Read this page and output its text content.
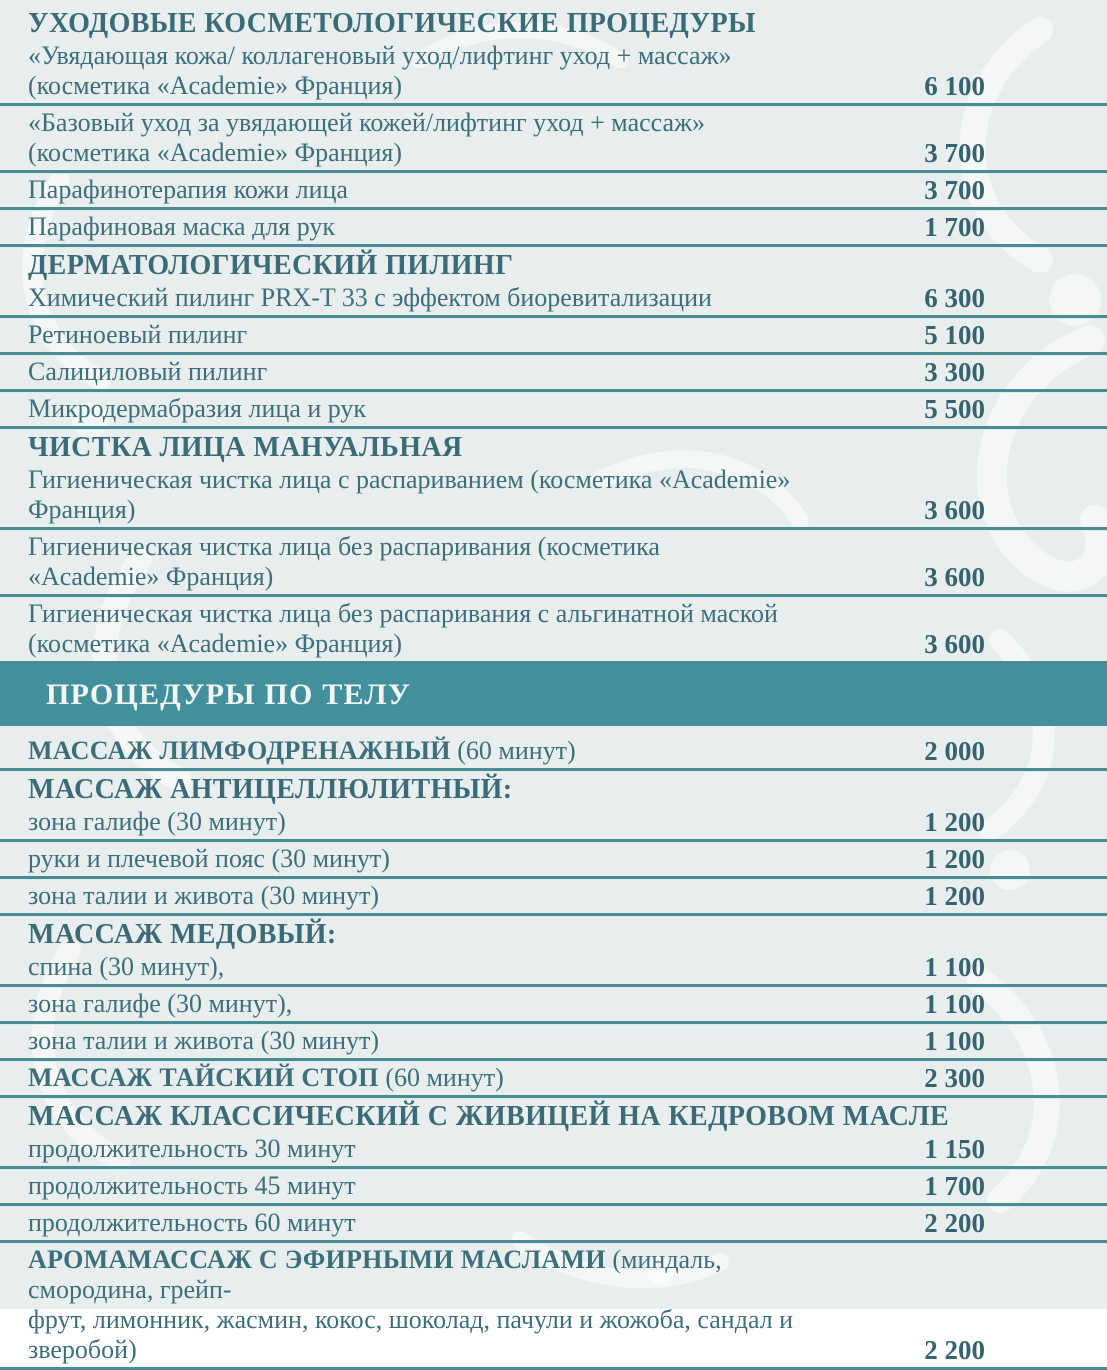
УХОДОВЫЕ КОСМЕТОЛОГИЧЕСКИЕ ПРОЦЕДУРЫ
«Увядающая кожа/ коллагеновый уход/лифтинг уход + массаж»
(косметика «Academie» Франция)	6 100
«Базовый уход за увядающей кожей/лифтинг уход + массаж»
(косметика «Academie» Франция)	3 700
Парафинотерапия кожи лица	3 700
Парафиновая маска для рук	1 700
ДЕРМАТОЛОГИЧЕСКИЙ ПИЛИНГ
Химический пилинг PRX-T 33 с эффектом биоревитализации	6 300
Ретиноевый пилинг	5 100
Салициловый пилинг	3 300
Микродермабразия лица и рук	5 500
ЧИСТКА ЛИЦА МАНУАЛЬНАЯ
Гигиеническая чистка лица с распариванием (косметика «Academie»
Франция)	3 600
Гигиеническая чистка лица без распаривания (косметика
«Academie» Франция)	3 600
Гигиеническая чистка лица без распаривания с альгинатной маской
(косметика «Academie» Франция)	3 600
ПРОЦЕДУРЫ ПО ТЕЛУ
МАССАЖ ЛИМФОДРЕНАЖНЫЙ (60 минут)	2 000
МАССАЖ АНТИЦЕЛЛЮЛИТНЫЙ:
зона галифе (30 минут)	1 200
руки и плечевой пояс (30 минут)	1 200
зона талии и живота (30 минут)	1 200
МАССАЖ МЕДОВЫЙ:
спина (30 минут),	1 100
зона галифе (30 минут),	1 100
зона талии и живота (30 минут)	1 100
МАССАЖ ТАЙСКИЙ СТОП (60 минут)	2 300
МАССАЖ КЛАССИЧЕСКИЙ С ЖИВИЦЕЙ НА КЕДРОВОМ МАСЛЕ
продолжительность 30 минут	1 150
продолжительность 45 минут	1 700
продолжительность 60 минут	2 200
АРОМАМАССАЖ С ЭФИРНЫМИ МАСЛАМИ (миндаль, смородина, грейп-
фрут, лимонник, жасмин, кокос, шоколад, пачули и жожоба, сандал и зверобой)	2 200
